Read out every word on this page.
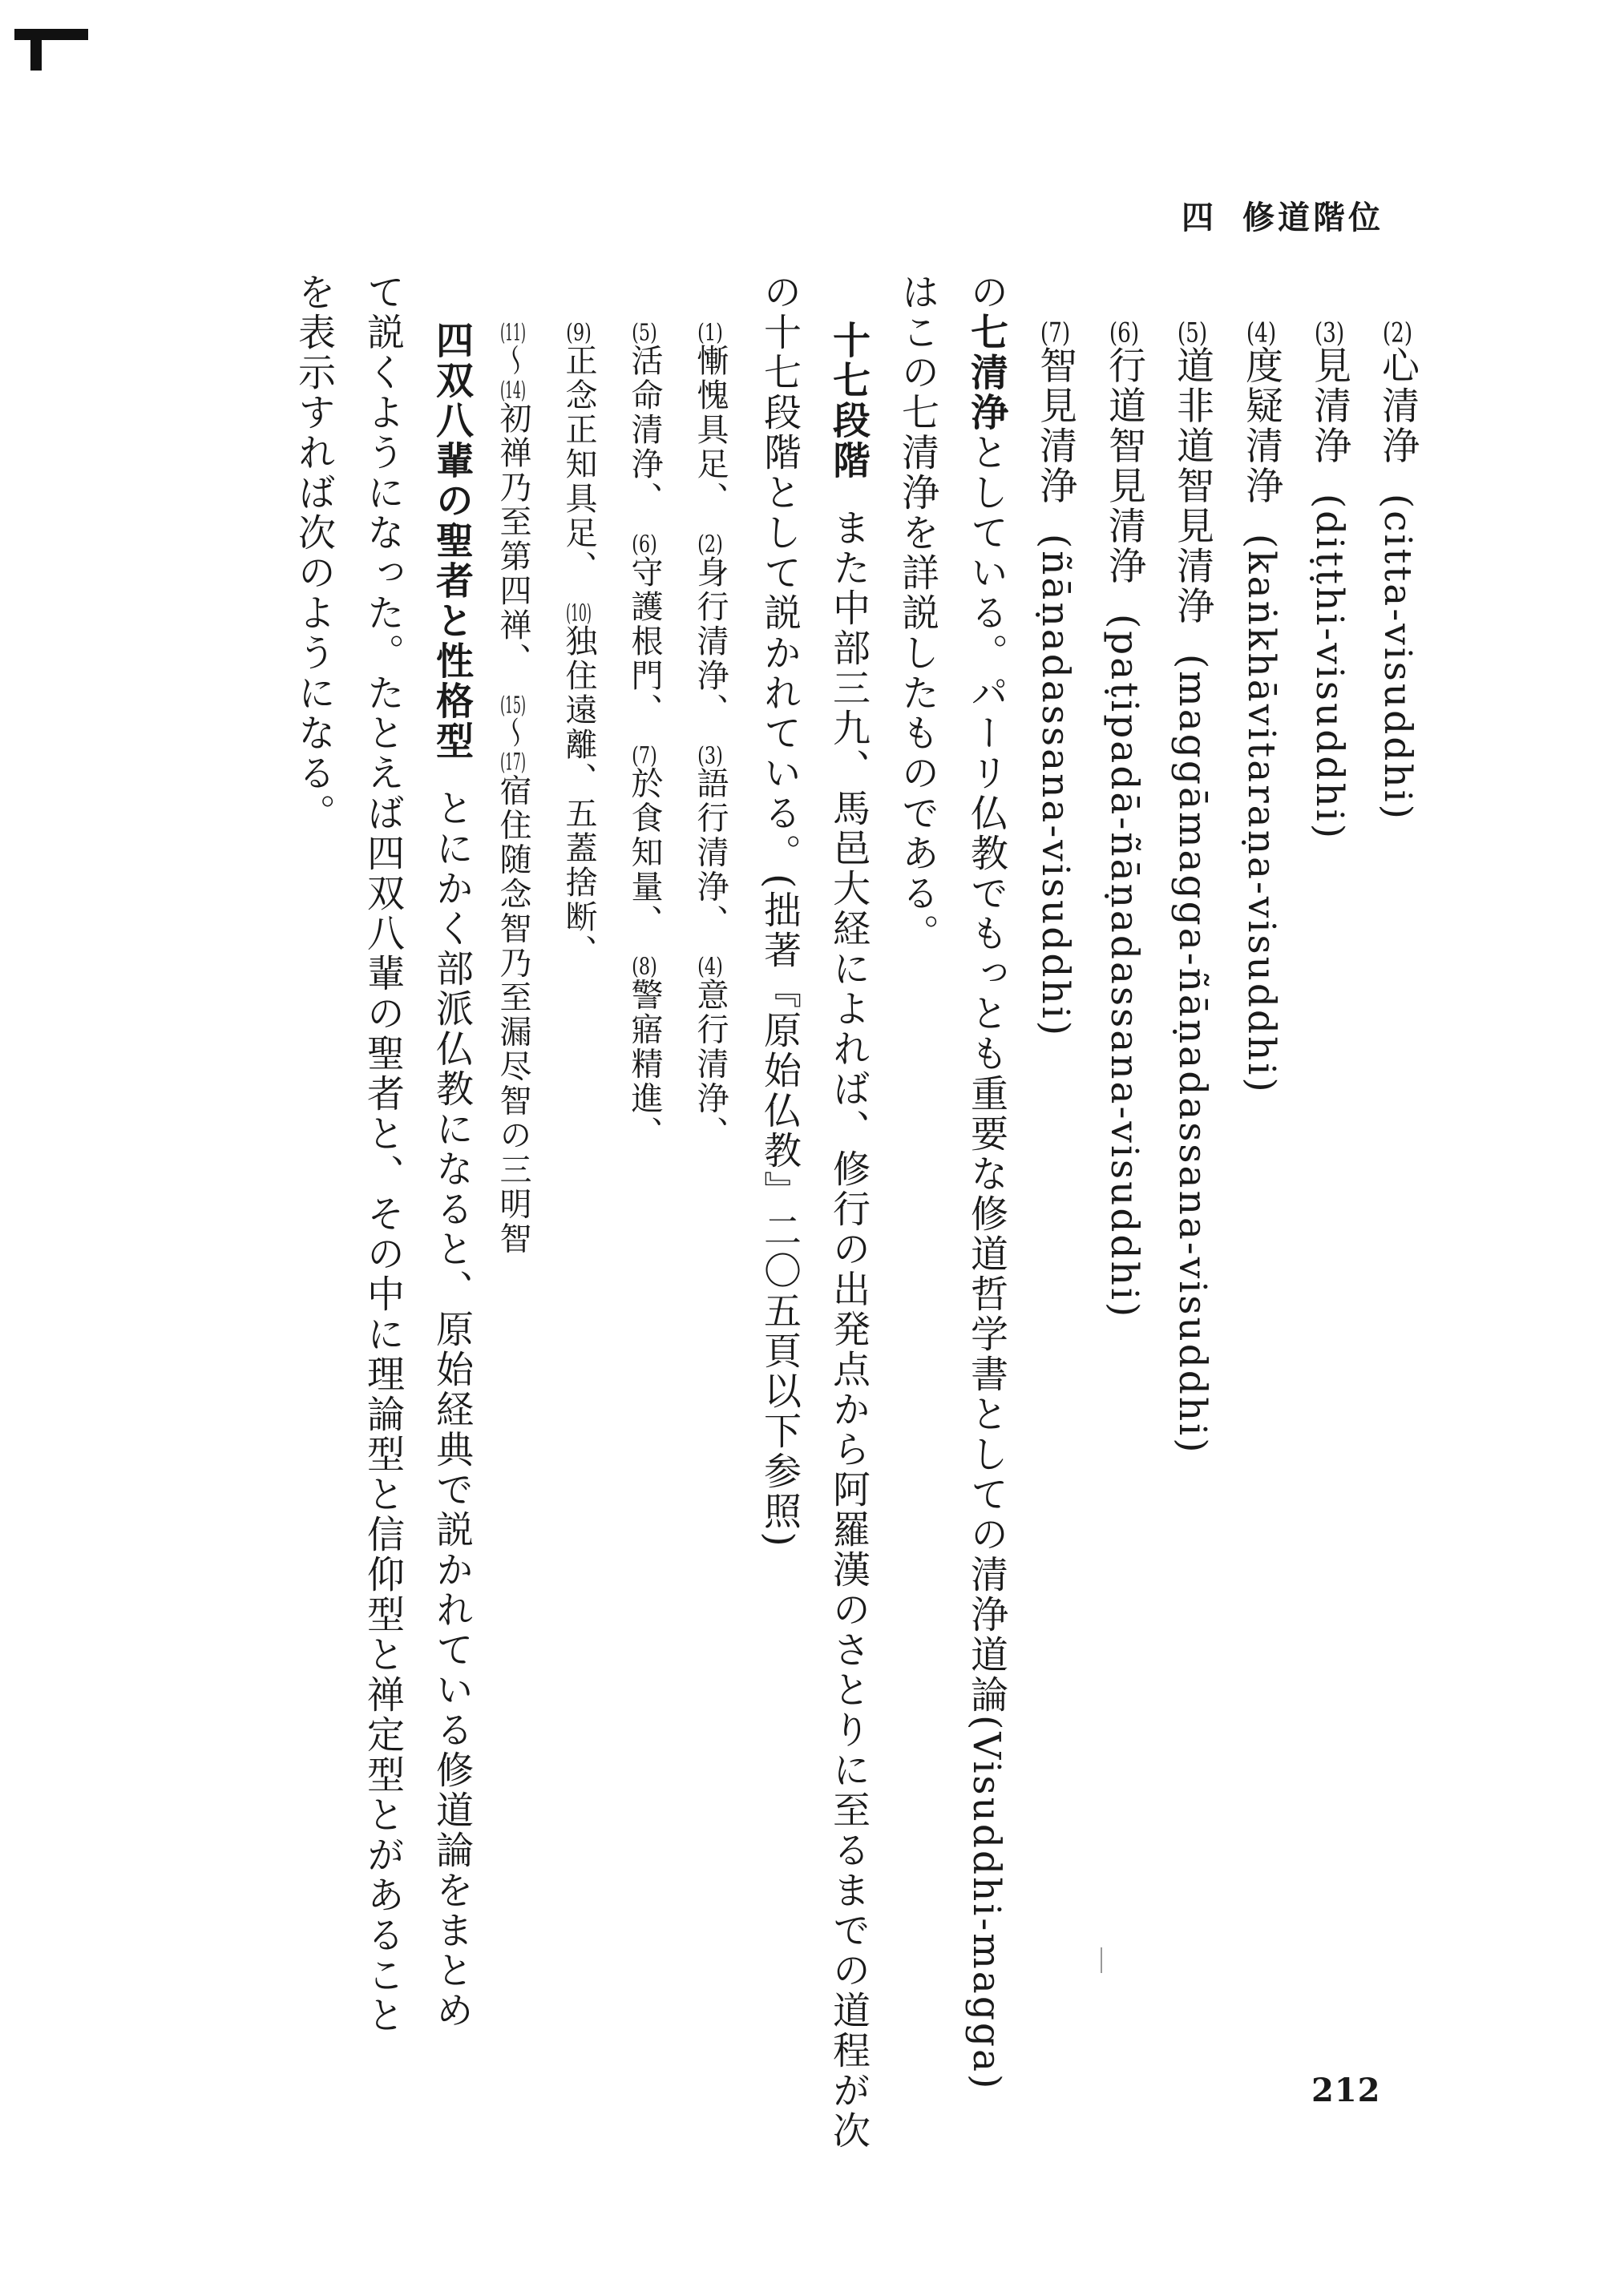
四 修道階位
(2)心清浄(citta-visuddhi)
(3)見清浄(diṭṭhi-visuddhi)
(4)度疑清浄(kaṅkhāvitaraṇa-visuddhi)
(5)道非道智見清浄(maggāmagga-ñāṇadassana-visuddhi)
(6)行道智見清浄(paṭipadā-ñāṇadassana-visuddhi)
(7)智見清浄(ñāṇadassana-visuddhi)
の七清浄としている。パーリ仏教でもっとも重要な修道哲学書としての清浄道論(Visuddhi-magga)
はこの七清浄を詳説したものである。
十七段階また中部三九、馬邑大経によれば、修行の出発点から阿羅漢のさとりに至るまでの道程が次
の十七段階として説かれている。(拙著『原始仏教』二〇五頁以下参照)
(1)慚愧具足、(2)身行清浄、(3)語行清浄、(4)意行清浄、
(5)活命清浄、(6)守護根門、(7)於食知量、(8)警寤精進、
(9)正念正知具足、(10)独住遠離、五蓋捨断、
(11)〜(14)初禅乃至第四禅、(15)〜(17)宿住随念智乃至漏尽智の三明智
四双八輩の聖者と性格型とにかく部派仏教になると、原始経典で説かれている修道論をまとめ
て説くようになった。たとえば四双八輩の聖者と、その中に理論型と信仰型と禅定型とがあること
を表示すれば次のようになる。
212
